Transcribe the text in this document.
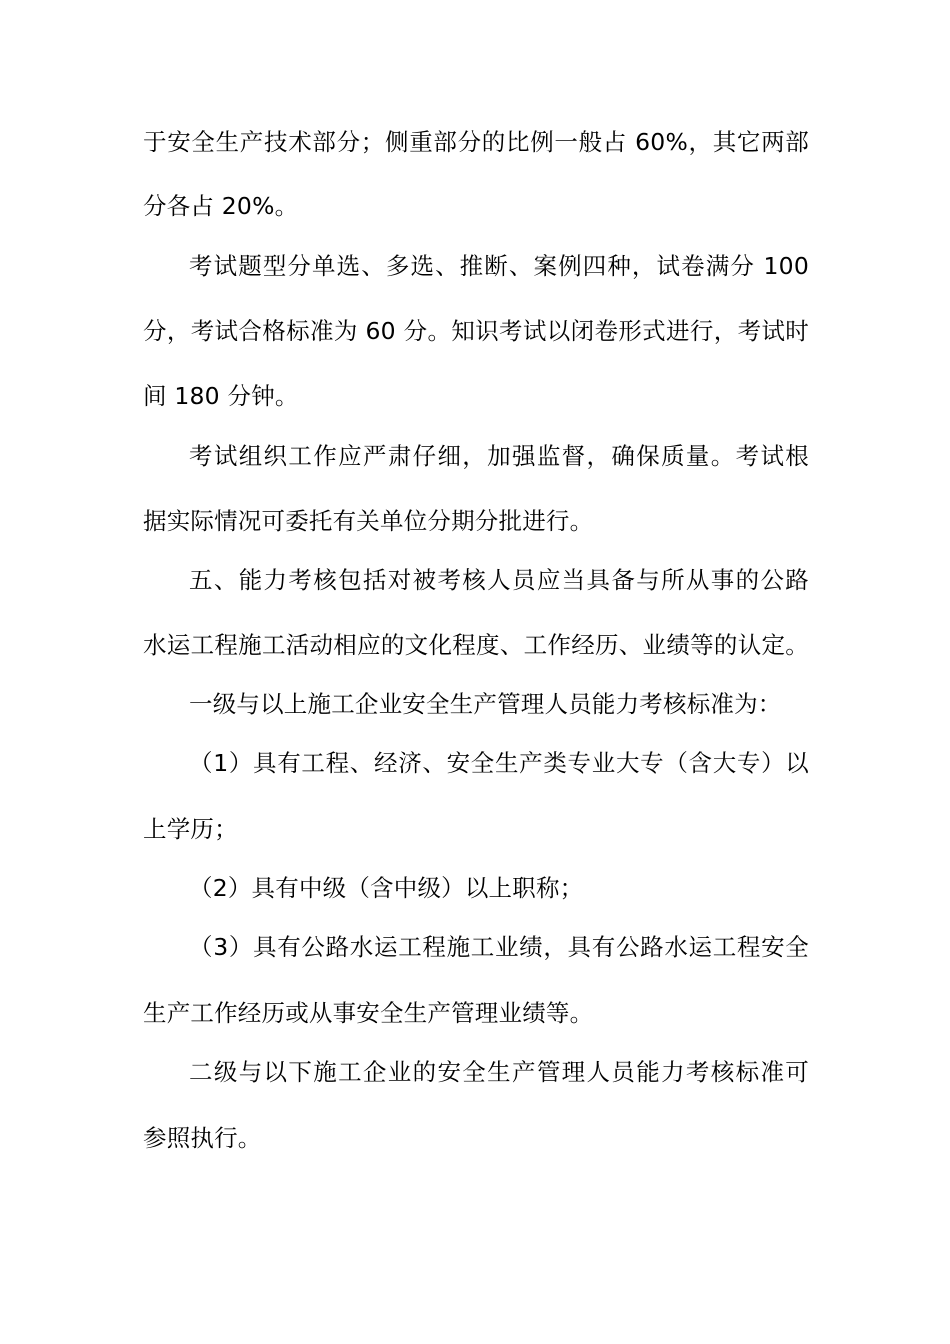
于安全生产技术部分；侧重部分的比例一般占 60%，其它两部
分各占 20%。
考试题型分单选、多选、推断、案例四种，试卷满分 100
分，考试合格标准为 60 分。知识考试以闭卷形式进行，考试时
间 180 分钟。
考试组织工作应严肃仔细，加强监督，确保质量。考试根
据实际情况可委托有关单位分期分批进行。
五、能力考核包括对被考核人员应当具备与所从事的公路
水运工程施工活动相应的文化程度、工作经历、业绩等的认定。
一级与以上施工企业安全生产管理人员能力考核标准为：
（1）具有工程、经济、安全生产类专业大专（含大专）以
上学历；
（2）具有中级（含中级）以上职称；
（3）具有公路水运工程施工业绩，具有公路水运工程安全
生产工作经历或从事安全生产管理业绩等。
二级与以下施工企业的安全生产管理人员能力考核标准可
参照执行。
